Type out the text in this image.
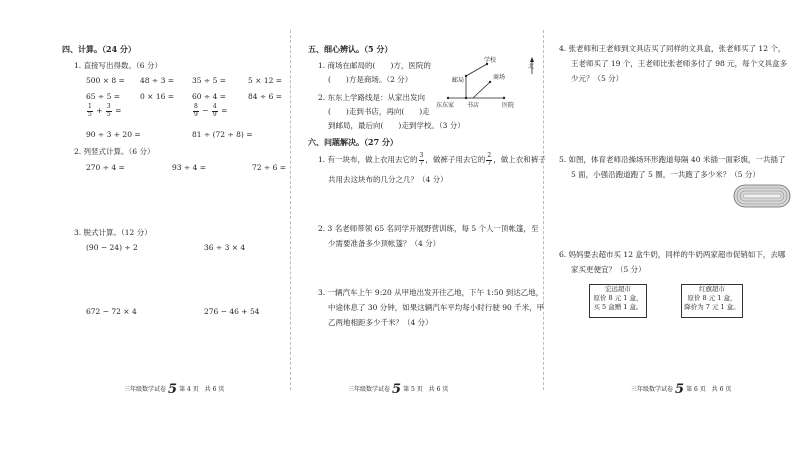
四、计算。（24 分）
1. 直接写出得数。（6 分）
500 × 8 = 48 ÷ 3 = 35 ÷ 5 =	5 × 12 =
65 ÷ 5 =	0 × 16 = 60 ÷ 4 =	84 ÷ 6 =
$\frac{1}{5} + \frac{3}{5}$ =	$\frac{8}{9} - \frac{4}{9}$ =
90 ÷ 3 + 20 =	81 ÷ (72 ÷ 8) =
2. 列竖式计算。（6 分）
270 ÷ 4 =	93 ÷ 4 =	72 ÷ 6 =
3. 脱式计算。（12 分）
(90 − 24) ÷ 2	36 ÷ 3 × 4
672 − 72 × 4	276 − 46 + 54
三年级数学试卷 5 第 4 页　共 6 页
五、细心辨认。（5 分）
1. 商场在邮局的(　　)方，医院的
(　　)方是商场。（2 分）
2. 东东上学路线是：从家出发向
(　　)走到书店，再向(　　)走
到邮局，最后向(　　)走到学校。（3 分）
学校
北
邮局	商场
东东家 书店	医院
六、问题解决。（27 分）
1. 有一块布，做上衣用去它的 $\frac{3}{7}$ ，做裤子用去它的 $\frac{2}{7}$ ，做上衣和裤子
共用去这块布的几分之几？（4 分）
2. 3 名老师带领 65 名同学开展野营训练，每 5 个人一顶帐篷，至
少需要准备多少顶帐篷？（4 分）
3. 一辆汽车上午 9:20 从甲地出发开往乙地，下午 1:50 到达乙地，
中途休息了 30 分钟，如果这辆汽车平均每小时行驶 90 千米，甲
乙两地相距多少千米？（4 分）
三年级数学试卷 5 第 5 页　共 6 页
4. 张老师和王老师到文具店买了同样的文具盒，张老师买了 12 个，
王老师买了 19 个，王老师比张老师多付了 98 元，每个文具盒多
少元？（5 分）
5. 如图，体育老师沿操场环形跑道每隔 40 米插一面彩旗，一共插了
5 面，小强沿跑道跑了 5 圈，一共跑了多少米？（5 分）
6. 妈妈要去超市买 12 盒牛奶，同样的牛奶两家超市促销如下，去哪
家买更便宜？（5 分）
宏远超市
原价 8 元 1 盒，
买 5 盒赠 1 盒。
红旗超市
原价 8 元 1 盒，
降价为 7 元 1 盒。
三年级数学试卷 5 第 6 页　共 6 页
